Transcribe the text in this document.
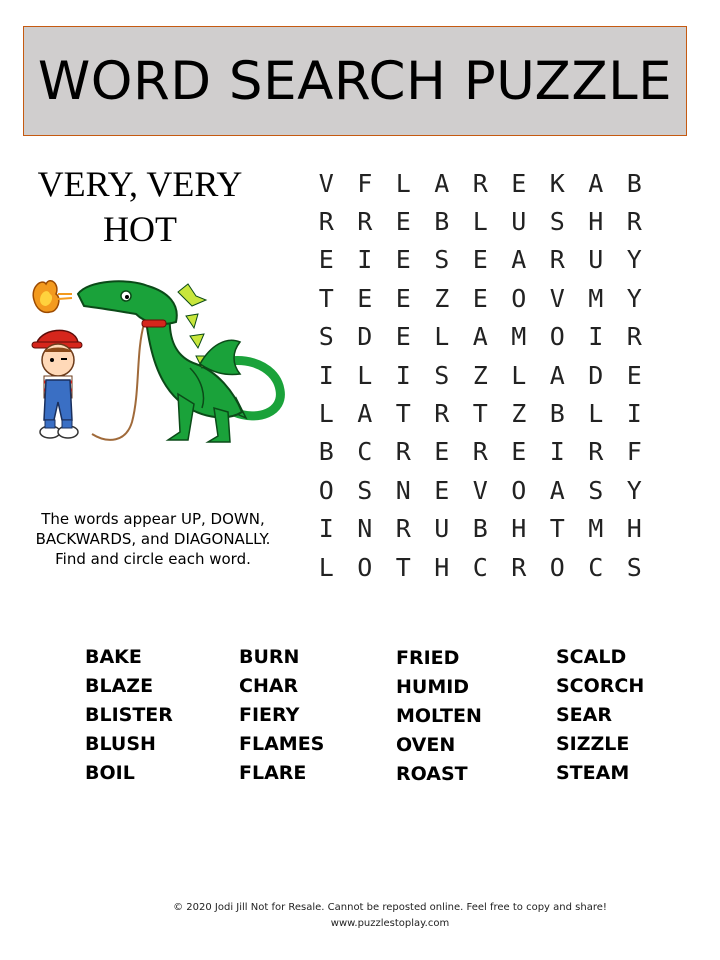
WORD SEARCH PUZZLE
VERY, VERY
HOT
The words appear UP, DOWN,
BACKWARDS, and DIAGONALLY.
Find and circle each word.
V F L A R E K A B
R R E B L U S H R
E I E S E A R U Y
T E E Z E O V M Y
S D E L A M O I R
I L I S Z L A D E
L A T R T Z B L I
B C R E R E I R F
O S N E V O A S Y
I N R U B H T M H
L O T H C R O C S
BAKE
BLAZE
BLISTER
BLUSH
BOIL
BURN
CHAR
FIERY
FLAMES
FLARE
FRIED
HUMID
MOLTEN
OVEN
ROAST
SCALD
SCORCH
SEAR
SIZZLE
STEAM
© 2020 Jodi Jill Not for Resale. Cannot be reposted online. Feel free to copy and share!
www.puzzlestoplay.com
